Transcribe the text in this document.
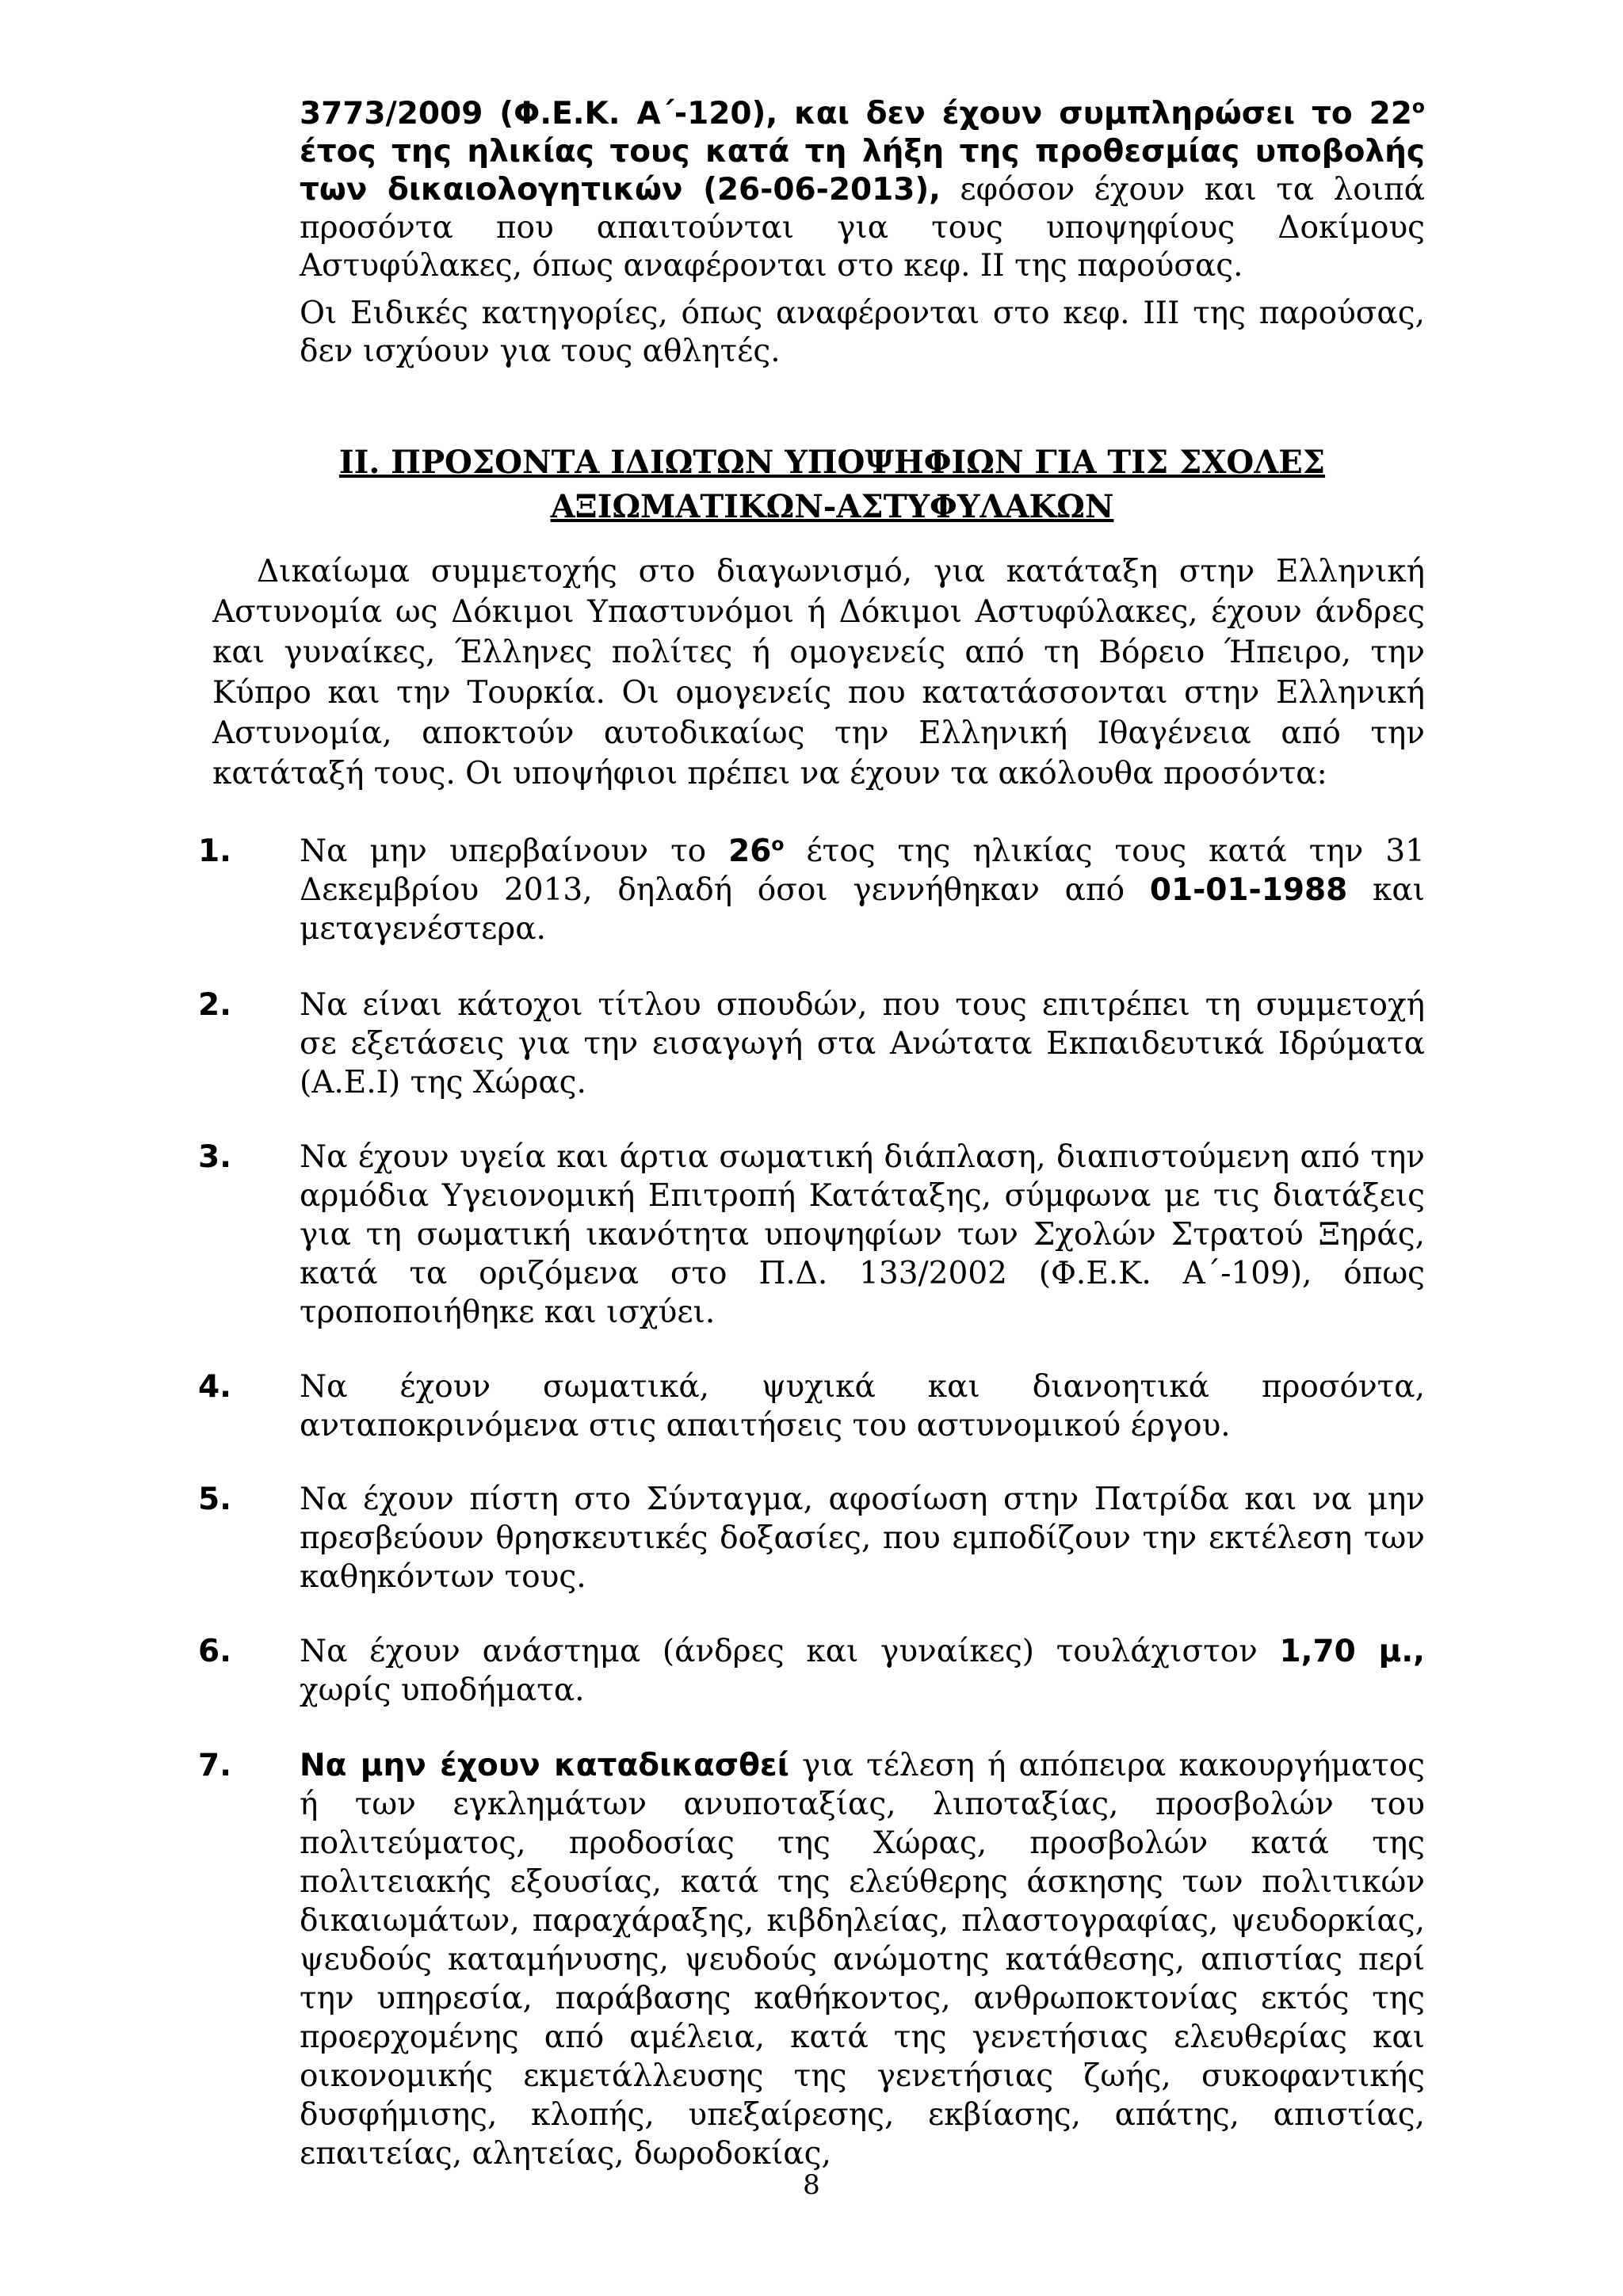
3773/2009 (Φ.Ε.Κ. Α΄-120), και δεν έχουν συμπληρώσει το $22^o$ έτος της ηλικίας τους κατά τη λήξη της προθεσμίας υποβολής των δικαιολογητικών (26-06-2013), εφόσον έχουν και τα λοιπά προσόντα που απαιτούνται για τους υποψηφίους Δοκίμους Αστυφύλακες, όπως αναφέρονται στο κεφ. ΙΙ της παρούσας.

Οι Ειδικές κατηγορίες, όπως αναφέρονται στο κεφ. ΙΙΙ της παρούσας, δεν ισχύουν για τους αθλητές.

ΙΙ. ΠΡΟΣΟΝΤΑ ΙΔΙΩΤΩΝ ΥΠΟΨΗΦΙΩΝ ΓΙΑ ΤΙΣ ΣΧΟΛΕΣ
ΑΞΙΩΜΑΤΙΚΩΝ-ΑΣΤΥΦΥΛΑΚΩΝ

Δικαίωμα συμμετοχής στο διαγωνισμό, για κατάταξη στην Ελληνική Αστυνομία ως Δόκιμοι Υπαστυνόμοι ή Δόκιμοι Αστυφύλακες, έχουν άνδρες και γυναίκες, Έλληνες πολίτες ή ομογενείς από τη Βόρειο Ήπειρο, την Κύπρο και την Τουρκία. Οι ομογενείς που κατατάσσονται στην Ελληνική Αστυνομία, αποκτούν αυτοδικαίως την Ελληνική Ιθαγένεια από την κατάταξή τους. Οι υποψήφιοι πρέπει να έχουν τα ακόλουθα προσόντα:

1. Να μην υπερβαίνουν το $26^o$ έτος της ηλικίας τους κατά την 31 Δεκεμβρίου 2013, δηλαδή όσοι γεννήθηκαν από 01-01-1988 και μεταγενέστερα.
2. Να είναι κάτοχοι τίτλου σπουδών, που τους επιτρέπει τη συμμετοχή σε εξετάσεις για την εισαγωγή στα Ανώτατα Εκπαιδευτικά Ιδρύματα (Α.Ε.Ι) της Χώρας.
3. Να έχουν υγεία και άρτια σωματική διάπλαση, διαπιστούμενη από την αρμόδια Υγειονομική Επιτροπή Κατάταξης, σύμφωνα με τις διατάξεις για τη σωματική ικανότητα υποψηφίων των Σχολών Στρατού Ξηράς, κατά τα οριζόμενα στο Π.Δ. 133/2002 (Φ.Ε.Κ. Α΄-109), όπως τροποποιήθηκε και ισχύει.
4. Να έχουν σωματικά, ψυχικά και διανοητικά προσόντα, ανταποκρινόμενα στις απαιτήσεις του αστυνομικού έργου.
5. Να έχουν πίστη στο Σύνταγμα, αφοσίωση στην Πατρίδα και να μην πρεσβεύουν θρησκευτικές δοξασίες, που εμποδίζουν την εκτέλεση των καθηκόντων τους.
6. Να έχουν ανάστημα (άνδρες και γυναίκες) τουλάχιστον 1,70 μ., χωρίς υποδήματα.
7. Να μην έχουν καταδικασθεί για τέλεση ή απόπειρα κακουργήματος ή των εγκλημάτων ανυποταξίας, λιποταξίας, προσβολών του πολιτεύματος, προδοσίας της Χώρας, προσβολών κατά της πολιτειακής εξουσίας, κατά της ελεύθερης άσκησης των πολιτικών δικαιωμάτων, παραχάραξης, κιβδηλείας, πλαστογραφίας, ψευδορκίας, ψευδούς καταμήνυσης, ψευδούς ανώμοτης κατάθεσης, απιστίας περί την υπηρεσία, παράβασης καθήκοντος, ανθρωποκτονίας εκτός της προερχομένης από αμέλεια, κατά της γενετήσιας ελευθερίας και οικονομικής εκμετάλλευσης της γενετήσιας ζωής, συκοφαντικής δυσφήμισης, κλοπής, υπεξαίρεσης, εκβίασης, απάτης, απιστίας, επαιτείας, αλητείας, δωροδοκίας,
8
